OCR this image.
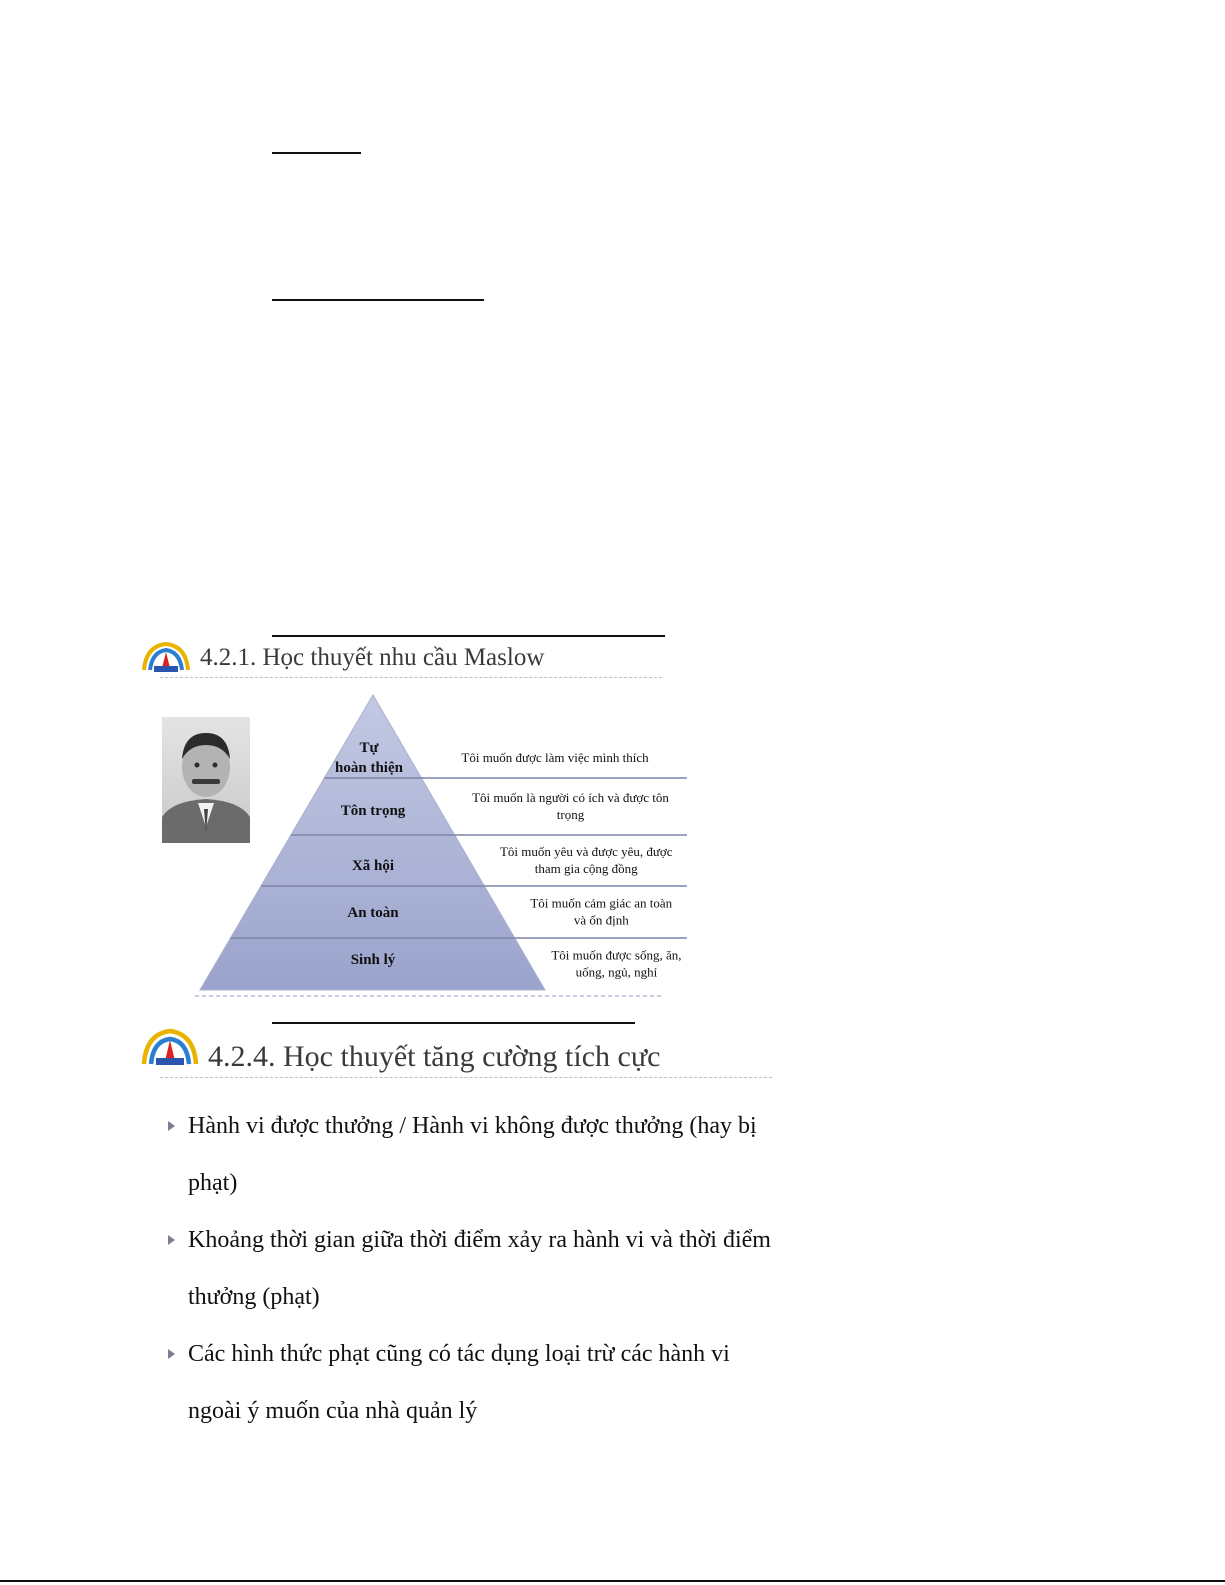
4.2.1. Học thuyết nhu cầu Maslow
Tự
hoàn thiện
Tôi muốn được làm việc mình thích
Tôn trọng
Tôi muốn là người có ích và được tôn
trọng
Xã hội
Tôi muốn yêu và được yêu, được
tham gia cộng đồng
An toàn
Tôi muốn cảm giác an toàn
và ổn định
Sinh lý	Tôi muốn được sống, ăn,
uống, ngủ, nghỉ
4.2.4. Học thuyết tăng cường tích cực
Hành vi được thưởng / Hành vi không được thưởng (hay bị phạt)
Khoảng thời gian giữa thời điểm xảy ra hành vi và thời điểm thưởng (phạt)
Các hình thức phạt cũng có tác dụng loại trừ các hành vi ngoài ý muốn của nhà quản lý
